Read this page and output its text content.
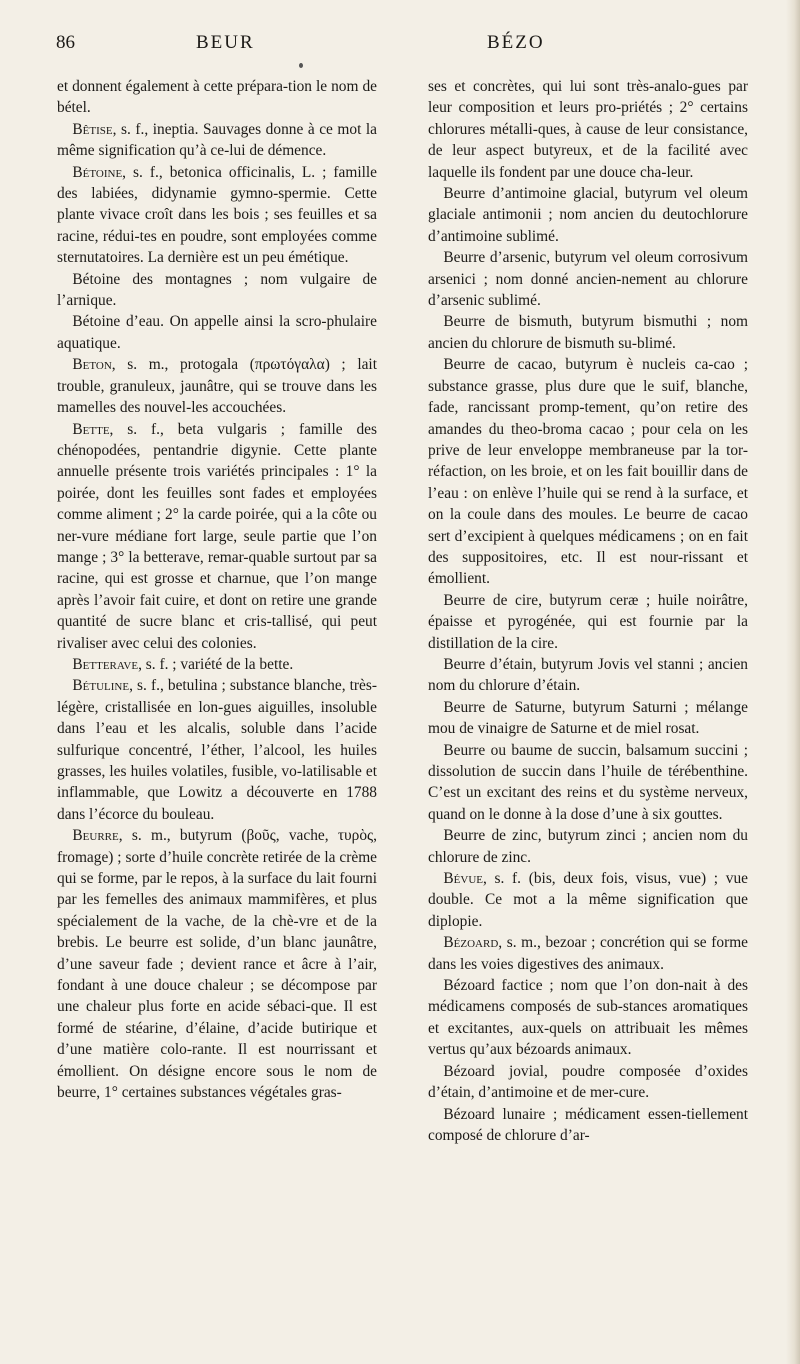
86	BEUR	BÉZO

et donnent également à cette prépara-tion le nom de bétel.

Bêtise, s. f., ineptia. Sauvages donne à ce mot la même signification qu’à ce-lui de démence.

Bétoine, s. f., betonica officinalis, L. ; famille des labiées, didynamie gymno-spermie. Cette plante vivace croît dans les bois ; ses feuilles et sa racine, rédui-tes en poudre, sont employées comme sternutatoires. La dernière est un peu émétique.

Bétoine des montagnes ; nom vulgaire de l’arnique.

Bétoine d’eau. On appelle ainsi la scro-phulaire aquatique.

Beton, s. m., protogala (πρωτόγαλα) ; lait trouble, granuleux, jaunâtre, qui se trouve dans les mamelles des nouvel-les accouchées.

Bette, s. f., beta vulgaris ; famille des chénopodées, pentandrie digynie. Cette plante annuelle présente trois variétés principales : 1° la poirée, dont les feuilles sont fades et employées comme aliment ; 2° la carde poirée, qui a la côte ou ner-vure médiane fort large, seule partie que l’on mange ; 3° la betterave, remar-quable surtout par sa racine, qui est grosse et charnue, que l’on mange après l’avoir fait cuire, et dont on retire une grande quantité de sucre blanc et cris-tallisé, qui peut rivaliser avec celui des colonies.

Betterave, s. f. ; variété de la bette.

Bétuline, s. f., betulina ; substance blanche, très-légère, cristallisée en lon-gues aiguilles, insoluble dans l’eau et les alcalis, soluble dans l’acide sulfurique concentré, l’éther, l’alcool, les huiles grasses, les huiles volatiles, fusible, vo-latilisable et inflammable, que Lowitz a découverte en 1788 dans l’écorce du bouleau.

Beurre, s. m., butyrum (βοῦς, vache, τυρὸς, fromage) ; sorte d’huile concrète retirée de la crème qui se forme, par le repos, à la surface du lait fourni par les femelles des animaux mammifères, et plus spécialement de la vache, de la chè-vre et de la brebis. Le beurre est solide, d’un blanc jaunâtre, d’une saveur fade ; devient rance et âcre à l’air, fondant à une douce chaleur ; se décompose par une chaleur plus forte en acide sébaci-que. Il est formé de stéarine, d’élaine, d’acide butirique et d’une matière colo-rante. Il est nourrissant et émollient. On désigne encore sous le nom de beurre, 1° certaines substances végétales gras-

ses et concrètes, qui lui sont très-analo-gues par leur composition et leurs pro-priétés ; 2° certains chlorures métalli-ques, à cause de leur consistance, de leur aspect butyreux, et de la facilité avec laquelle ils fondent par une douce cha-leur.

Beurre d’antimoine glacial, butyrum vel oleum glaciale antimonii ; nom ancien du deutochlorure d’antimoine sublimé.

Beurre d’arsenic, butyrum vel oleum corrosivum arsenici ; nom donné ancien-nement au chlorure d’arsenic sublimé.

Beurre de bismuth, butyrum bismuthi ; nom ancien du chlorure de bismuth su-blimé.

Beurre de cacao, butyrum è nucleis ca-cao ; substance grasse, plus dure que le suif, blanche, fade, rancissant promp-tement, qu’on retire des amandes du theo-broma cacao ; pour cela on les prive de leur enveloppe membraneuse par la tor-réfaction, on les broie, et on les fait bouillir dans de l’eau : on enlève l’huile qui se rend à la surface, et on la coule dans des moules. Le beurre de cacao sert d’excipient à quelques médicamens ; on en fait des suppositoires, etc. Il est nour-rissant et émollient.

Beurre de cire, butyrum ceræ ; huile noirâtre, épaisse et pyrogénée, qui est fournie par la distillation de la cire.

Beurre d’étain, butyrum Jovis vel stanni ; ancien nom du chlorure d’étain.

Beurre de Saturne, butyrum Saturni ; mélange mou de vinaigre de Saturne et de miel rosat.

Beurre ou baume de succin, balsamum succini ; dissolution de succin dans l’huile de térébenthine. C’est un excitant des reins et du système nerveux, quand on le donne à la dose d’une à six gouttes.

Beurre de zinc, butyrum zinci ; ancien nom du chlorure de zinc.

Bévue, s. f. (bis, deux fois, visus, vue) ; vue double. Ce mot a la même signification que diplopie.

Bézoard, s. m., bezoar ; concrétion qui se forme dans les voies digestives des animaux.

Bézoard factice ; nom que l’on don-nait à des médicamens composés de sub-stances aromatiques et excitantes, aux-quels on attribuait les mêmes vertus qu’aux bézoards animaux.

Bézoard jovial, poudre composée d’oxides d’étain, d’antimoine et de mer-cure.

Bézoard lunaire ; médicament essen-tiellement composé de chlorure d’ar-
